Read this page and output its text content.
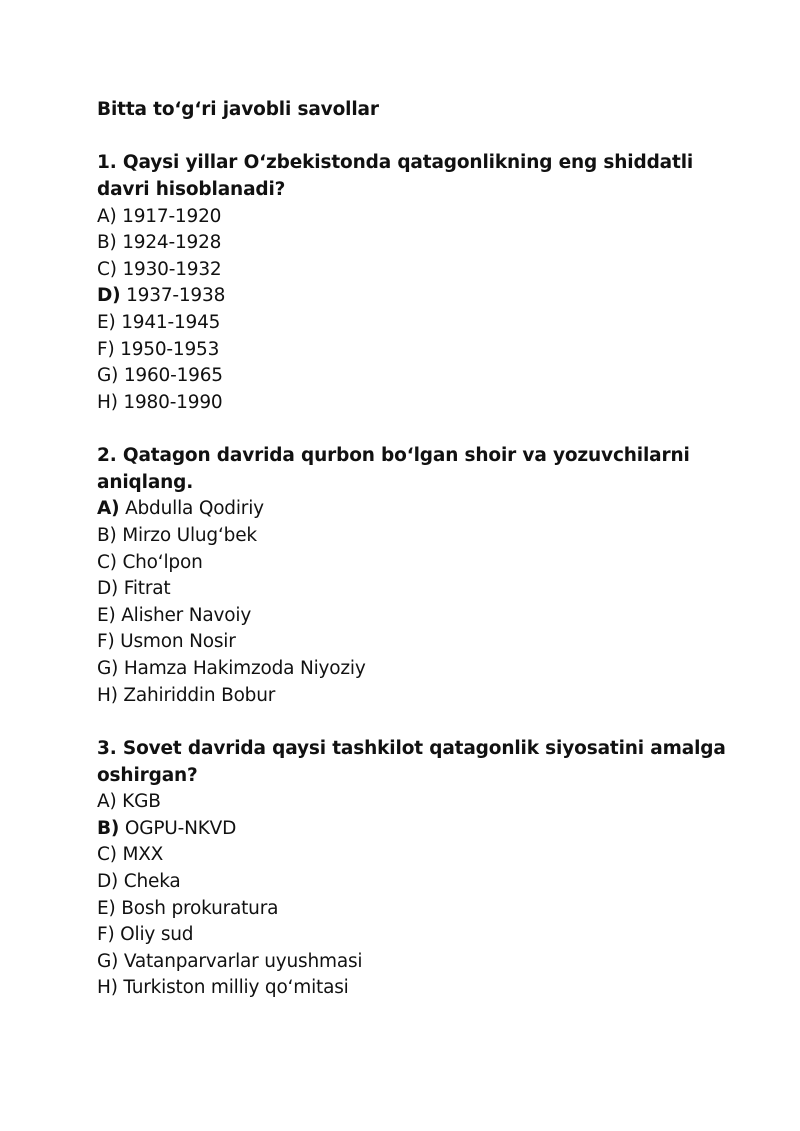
Bitta to‘g‘ri javobli savollar

1. Qaysi yillar O‘zbekistonda qatagonlikning eng shiddatli davri hisoblanadi?

A) 1917-1920
B) 1924-1928
C) 1930-1932
D) 1937-1938
E) 1941-1945
F) 1950-1953
G) 1960-1965
H) 1980-1990

2. Qatagon davrida qurbon bo‘lgan shoir va yozuvchilarni aniqlang.

A) Abdulla Qodiriy
B) Mirzo Ulug‘bek
C) Cho‘lpon
D) Fitrat
E) Alisher Navoiy
F) Usmon Nosir
G) Hamza Hakimzoda Niyoziy
H) Zahiriddin Bobur

3. Sovet davrida qaysi tashkilot qatagonlik siyosatini amalga oshirgan?

A) KGB
B) OGPU-NKVD
C) MXX
D) Cheka
E) Bosh prokuratura
F) Oliy sud
G) Vatanparvarlar uyushmasi
H) Turkiston milliy qo‘mitasi
